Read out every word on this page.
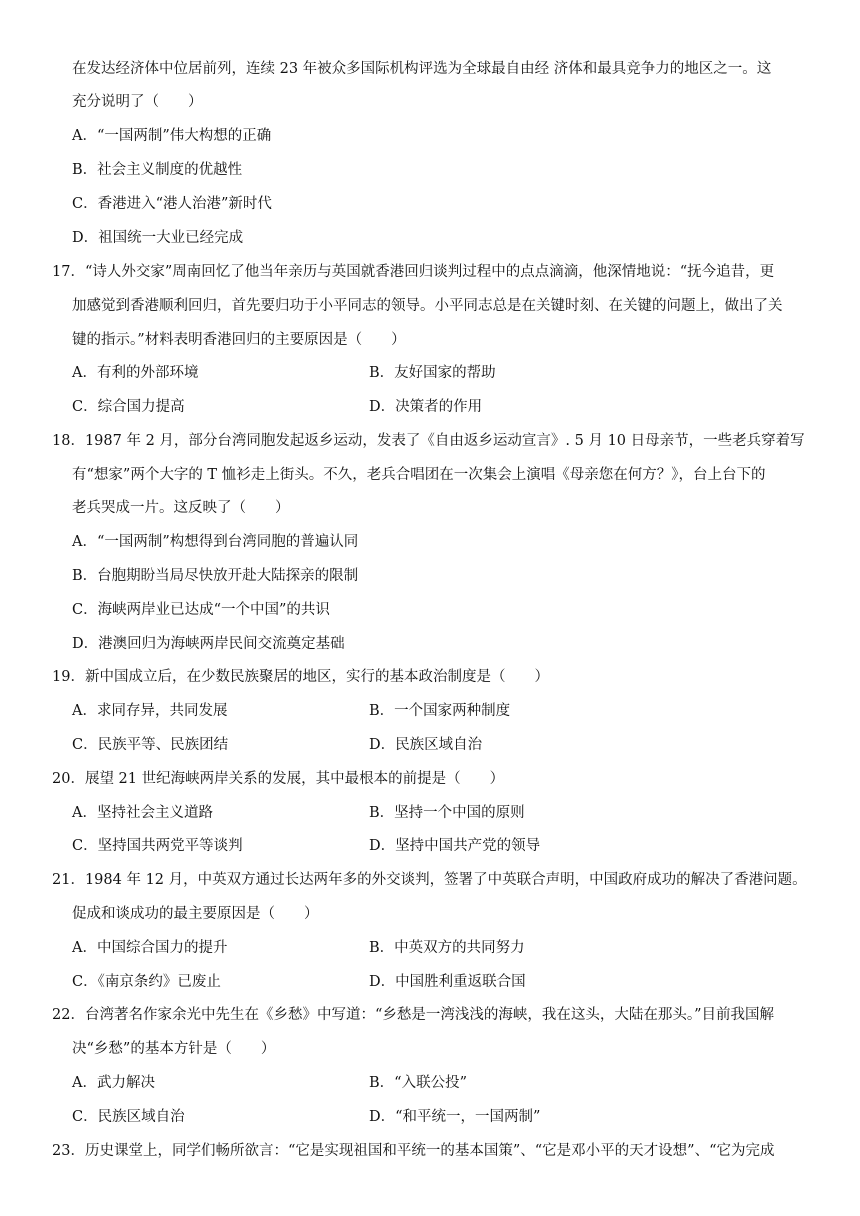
在发达经济体中位居前列，连续 23 年被众多国际机构评选为全球最自由经 济体和最具竞争力的地区之一。这
充分说明了（　　）
A．“一国两制”伟大构想的正确
B．社会主义制度的优越性
C．香港进入“港人治港”新时代
D．祖国统一大业已经完成
17．“诗人外交家”周南回忆了他当年亲历与英国就香港回归谈判过程中的点点滴滴，他深情地说：“抚今追昔，更
加感觉到香港顺利回归，首先要归功于小平同志的领导。小平同志总是在关键时刻、在关键的问题上，做出了关
键的指示。”材料表明香港回归的主要原因是（　　）
A．有利的外部环境	B．友好国家的帮助
C．综合国力提高	D．决策者的作用
18．1987 年 2 月，部分台湾同胞发起返乡运动，发表了《自由返乡运动宣言》. 5 月 10 日母亲节，一些老兵穿着写
有“想家”两个大字的 T 恤衫走上街头。不久，老兵合唱团在一次集会上演唱《母亲您在何方？》，台上台下的
老兵哭成一片。这反映了（　　）
A．“一国两制”构想得到台湾同胞的普遍认同
B．台胞期盼当局尽快放开赴大陆探亲的限制
C．海峡两岸业已达成“一个中国”的共识
D．港澳回归为海峡两岸民间交流奠定基础
19．新中国成立后，在少数民族聚居的地区，实行的基本政治制度是（　　）
A．求同存异，共同发展	B．一个国家两种制度
C．民族平等、民族团结	D．民族区域自治
20．展望 21 世纪海峡两岸关系的发展，其中最根本的前提是（　　）
A．坚持社会主义道路	B．坚持一个中国的原则
C．坚持国共两党平等谈判	D．坚持中国共产党的领导
21．1984 年 12 月，中英双方通过长达两年多的外交谈判，签署了中英联合声明，中国政府成功的解决了香港问题。
促成和谈成功的最主要原因是（　　）
A．中国综合国力的提升	B．中英双方的共同努力
C．《南京条约》已废止	D．中国胜利重返联合国
22．台湾著名作家余光中先生在《乡愁》中写道：“乡愁是一湾浅浅的海峡，我在这头，大陆在那头。”目前我国解
决“乡愁”的基本方针是（　　）
A．武力解决	B．“入联公投”
C．民族区域自治	D．“和平统一，一国两制”
23．历史课堂上，同学们畅所欲言：“它是实现祖国和平统一的基本国策”、“它是邓小平的天才设想”、“它为完成
